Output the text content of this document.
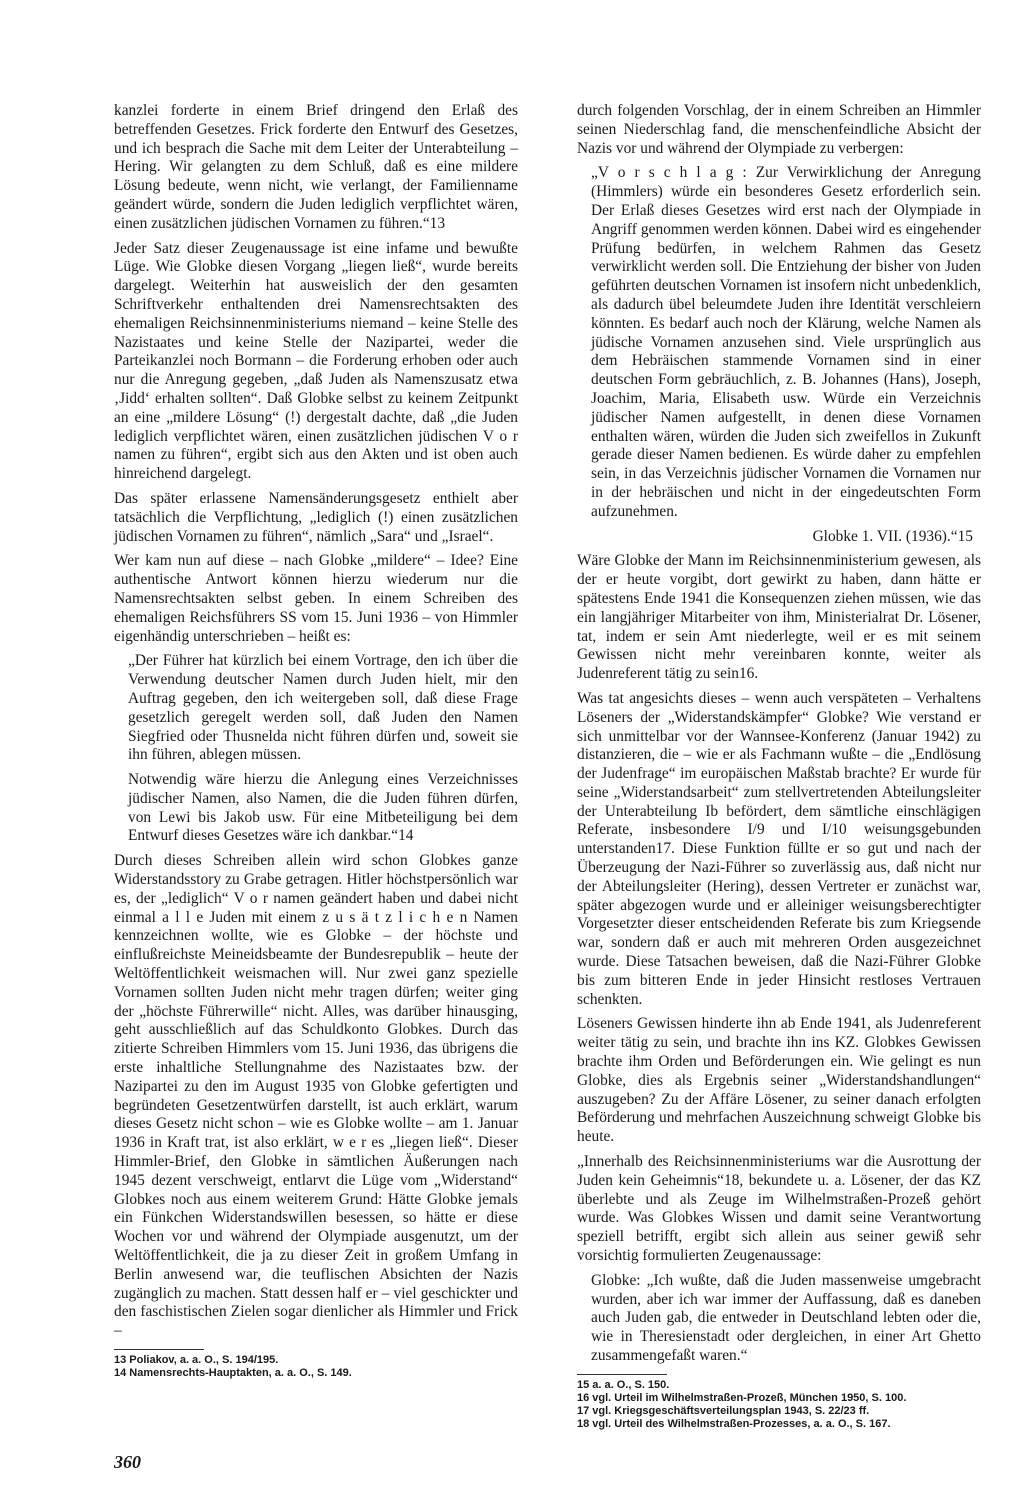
kanzlei forderte in einem Brief dringend den Erlaß des betreffenden Gesetzes. Frick forderte den Entwurf des Gesetzes, und ich besprach die Sache mit dem Leiter der Unterabteilung – Hering. Wir gelangten zu dem Schluß, daß es eine mildere Lösung bedeute, wenn nicht, wie verlangt, der Familienname geändert würde, sondern die Juden lediglich verpflichtet wären, einen zusätzlichen jüdischen Vornamen zu führen.“13

Jeder Satz dieser Zeugenaussage ist eine infame und bewußte Lüge. Wie Globke diesen Vorgang „liegen ließ“, wurde bereits dargelegt. Weiterhin hat ausweislich der den gesamten Schriftverkehr enthaltenden drei Namensrechtsakten des ehemaligen Reichsinnenministeriums niemand – keine Stelle des Nazistaates und keine Stelle der Nazipartei, weder die Parteikanzlei noch Bormann – die Forderung erhoben oder auch nur die Anregung gegeben, „daß Juden als Namenszusatz etwa ‚Jidd‘ erhalten sollten“. Daß Globke selbst zu keinem Zeitpunkt an eine „mildere Lösung“ (!) dergestalt dachte, daß „die Juden lediglich verpflichtet wären, einen zusätzlichen jüdischen V o r namen zu führen“, ergibt sich aus den Akten und ist oben auch hinreichend dargelegt.

Das später erlassene Namensänderungsgesetz enthielt aber tatsächlich die Verpflichtung, „lediglich (!) einen zusätzlichen jüdischen Vornamen zu führen“, nämlich „Sara“ und „Israel“.

Wer kam nun auf diese – nach Globke „mildere“ – Idee? Eine authentische Antwort können hierzu wiederum nur die Namensrechtsakten selbst geben. In einem Schreiben des ehemaligen Reichsführers SS vom 15. Juni 1936 – von Himmler eigenhändig unterschrieben – heißt es:

„Der Führer hat kürzlich bei einem Vortrage, den ich über die Verwendung deutscher Namen durch Juden hielt, mir den Auftrag gegeben, den ich weitergeben soll, daß diese Frage gesetzlich geregelt werden soll, daß Juden den Namen Siegfried oder Thusnelda nicht führen dürfen und, soweit sie ihn führen, ablegen müssen.

Notwendig wäre hierzu die Anlegung eines Verzeichnisses jüdischer Namen, also Namen, die die Juden führen dürfen, von Lewi bis Jakob usw. Für eine Mitbeteiligung bei dem Entwurf dieses Gesetzes wäre ich dankbar.“14

Durch dieses Schreiben allein wird schon Globkes ganze Widerstandsstory zu Grabe getragen. Hitler höchstpersönlich war es, der „lediglich“ V o r namen geändert haben und dabei nicht einmal a l l e Juden mit einem z u s ä t z l i c h e n Namen kennzeichnen wollte, wie es Globke – der höchste und einflußreichste Meineidsbeamte der Bundesrepublik – heute der Weltöffentlichkeit weismachen will. Nur zwei ganz spezielle Vornamen sollten Juden nicht mehr tragen dürfen; weiter ging der „höchste Führerwille“ nicht. Alles, was darüber hinausging, geht ausschließlich auf das Schuldkonto Globkes. Durch das zitierte Schreiben Himmlers vom 15. Juni 1936, das übrigens die erste inhaltliche Stellungnahme des Nazistaates bzw. der Nazipartei zu den im August 1935 von Globke gefertigten und begründeten Gesetzentwürfen darstellt, ist auch erklärt, warum dieses Gesetz nicht schon – wie es Globke wollte – am 1. Januar 1936 in Kraft trat, ist also erklärt, w e r es „liegen ließ“. Dieser Himmler-Brief, den Globke in sämtlichen Äußerungen nach 1945 dezent verschweigt, entlarvt die Lüge vom „Widerstand“ Globkes noch aus einem weiterem Grund: Hätte Globke jemals ein Fünkchen Widerstandswillen besessen, so hätte er diese Wochen vor und während der Olympiade ausgenutzt, um der Weltöffentlichkeit, die ja zu dieser Zeit in großem Umfang in Berlin anwesend war, die teuflischen Absichten der Nazis zugänglich zu machen. Statt dessen half er – viel geschickter und den faschistischen Zielen sogar dienlicher als Himmler und Frick –

13 Poliakov, a. a. O., S. 194/195.

14 Namensrechts-Hauptakten, a. a. O., S. 149.

durch folgenden Vorschlag, der in einem Schreiben an Himmler seinen Niederschlag fand, die menschenfeindliche Absicht der Nazis vor und während der Olympiade zu verbergen:

„V o r s c h l a g : Zur Verwirklichung der Anregung (Himmlers) würde ein besonderes Gesetz erforderlich sein. Der Erlaß dieses Gesetzes wird erst nach der Olympiade in Angriff genommen werden können. Dabei wird es eingehender Prüfung bedürfen, in welchem Rahmen das Gesetz verwirklicht werden soll. Die Entziehung der bisher von Juden geführten deutschen Vornamen ist insofern nicht unbedenklich, als dadurch übel beleumdete Juden ihre Identität verschleiern könnten. Es bedarf auch noch der Klärung, welche Namen als jüdische Vornamen anzusehen sind. Viele ursprünglich aus dem Hebräischen stammende Vornamen sind in einer deutschen Form gebräuchlich, z. B. Johannes (Hans), Joseph, Joachim, Maria, Elisabeth usw. Würde ein Verzeichnis jüdischer Namen aufgestellt, in denen diese Vornamen enthalten wären, würden die Juden sich zweifellos in Zukunft gerade dieser Namen bedienen. Es würde daher zu empfehlen sein, in das Verzeichnis jüdischer Vornamen die Vornamen nur in der hebräischen und nicht in der eingedeutschten Form aufzunehmen.

Globke 1. VII. (1936).“15

Wäre Globke der Mann im Reichsinnenministerium gewesen, als der er heute vorgibt, dort gewirkt zu haben, dann hätte er spätestens Ende 1941 die Konsequenzen ziehen müssen, wie das ein langjähriger Mitarbeiter von ihm, Ministerialrat Dr. Lösener, tat, indem er sein Amt niederlegte, weil er es mit seinem Gewissen nicht mehr vereinbaren konnte, weiter als Judenreferent tätig zu sein16.

Was tat angesichts dieses – wenn auch verspäteten – Verhaltens Löseners der „Widerstandskämpfer“ Globke? Wie verstand er sich unmittelbar vor der Wannsee-Konferenz (Januar 1942) zu distanzieren, die – wie er als Fachmann wußte – die „Endlösung der Judenfrage“ im europäischen Maßstab brachte? Er wurde für seine „Widerstandsarbeit“ zum stellvertretenden Abteilungsleiter der Unterabteilung Ib befördert, dem sämtliche einschlägigen Referate, insbesondere I/9 und I/10 weisungsgebunden unterstanden17. Diese Funktion füllte er so gut und nach der Überzeugung der Nazi-Führer so zuverlässig aus, daß nicht nur der Abteilungsleiter (Hering), dessen Vertreter er zunächst war, später abgezogen wurde und er alleiniger weisungsberechtigter Vorgesetzter dieser entscheidenden Referate bis zum Kriegsende war, sondern daß er auch mit mehreren Orden ausgezeichnet wurde. Diese Tatsachen beweisen, daß die Nazi-Führer Globke bis zum bitteren Ende in jeder Hinsicht restloses Vertrauen schenkten.

Löseners Gewissen hinderte ihn ab Ende 1941, als Judenreferent weiter tätig zu sein, und brachte ihn ins KZ. Globkes Gewissen brachte ihm Orden und Beförderungen ein. Wie gelingt es nun Globke, dies als Ergebnis seiner „Widerstandshandlungen“ auszugeben? Zu der Affäre Lösener, zu seiner danach erfolgten Beförderung und mehrfachen Auszeichnung schweigt Globke bis heute.

„Innerhalb des Reichsinnenministeriums war die Ausrottung der Juden kein Geheimnis“18, bekundete u. a. Lösener, der das KZ überlebte und als Zeuge im Wilhelmstraßen-Prozeß gehört wurde. Was Globkes Wissen und damit seine Verantwortung speziell betrifft, ergibt sich allein aus seiner gewiß sehr vorsichtig formulierten Zeugenaussage:

Globke: „Ich wußte, daß die Juden massenweise umgebracht wurden, aber ich war immer der Auffassung, daß es daneben auch Juden gab, die entweder in Deutschland lebten oder die, wie in Theresienstadt oder dergleichen, in einer Art Ghetto zusammengefaßt waren.“

15 a. a. O., S. 150.

16 vgl. Urteil im Wilhelmstraßen-Prozeß, München 1950, S. 100.

17 vgl. Kriegsgeschäftsverteilungsplan 1943, S. 22/23 ff.

18 vgl. Urteil des Wilhelmstraßen-Prozesses, a. a. O., S. 167.

360
